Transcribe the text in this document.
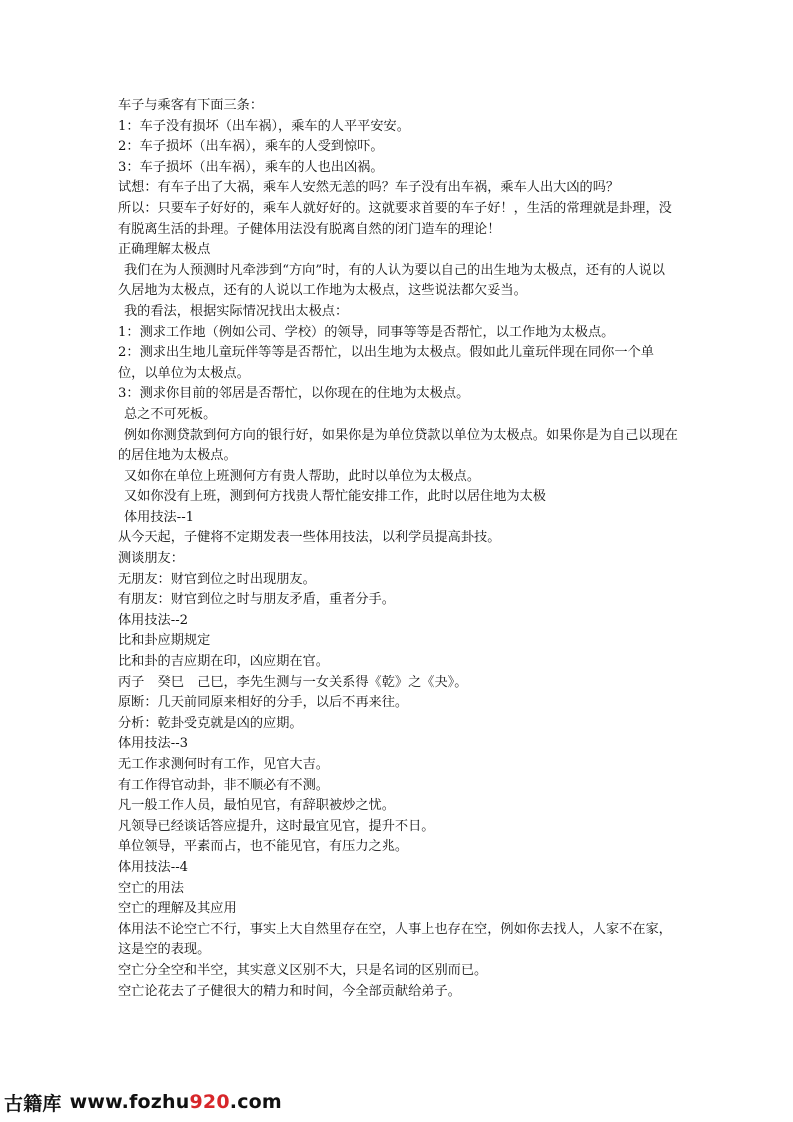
车子与乘客有下面三条：

1：车子没有损坏（出车祸），乘车的人平平安安。

2：车子损坏（出车祸），乘车的人受到惊吓。

3：车子损坏（出车祸），乘车的人也出凶祸。

试想：有车子出了大祸，乘车人安然无恙的吗？车子没有出车祸，乘车人出大凶的吗？

所以：只要车子好好的，乘车人就好好的。这就要求首要的车子好！，生活的常理就是卦理，没有脱离生活的卦理。子健体用法没有脱离自然的闭门造车的理论！

正确理解太极点

我们在为人预测时凡牵涉到“方向”时，有的人认为要以自己的出生地为太极点，还有的人说以久居地为太极点，还有的人说以工作地为太极点，这些说法都欠妥当。

我的看法，根据实际情况找出太极点：

1：测求工作地（例如公司、学校）的领导，同事等等是否帮忙，以工作地为太极点。

2：测求出生地儿童玩伴等等是否帮忙，以出生地为太极点。假如此儿童玩伴现在同你一个单位，以单位为太极点。

3：测求你目前的邻居是否帮忙，以你现在的住地为太极点。

总之不可死板。

例如你测贷款到何方向的银行好，如果你是为单位贷款以单位为太极点。如果你是为自己以现在的居住地为太极点。

又如你在单位上班测何方有贵人帮助，此时以单位为太极点。

又如你没有上班，测到何方找贵人帮忙能安排工作，此时以居住地为太极

体用技法--1

从今天起，子健将不定期发表一些体用技法，以利学员提高卦技。

测谈朋友：

无朋友：财官到位之时出现朋友。

有朋友：财官到位之时与朋友矛盾，重者分手。

体用技法--2

比和卦应期规定

比和卦的吉应期在印，凶应期在官。

丙子　癸巳　己巳，李先生测与一女关系得《乾》之《夬》。

原断：几天前同原来相好的分手，以后不再来往。

分析：乾卦受克就是凶的应期。

体用技法--3

无工作求测何时有工作，见官大吉。

有工作得官动卦，非不顺必有不测。

凡一般工作人员，最怕见官，有辞职被炒之忧。

凡领导已经谈话答应提升，这时最宜见官，提升不日。

单位领导，平素而占，也不能见官，有压力之兆。

体用技法--4

空亡的用法

空亡的理解及其应用

体用法不论空亡不行，事实上大自然里存在空，人事上也存在空，例如你去找人，人家不在家，这是空的表现。

空亡分全空和半空，其实意义区别不大，只是名词的区别而已。

空亡论花去了子健很大的精力和时间，今全部贡献给弟子。

古籍库 www.fozhu920.com
